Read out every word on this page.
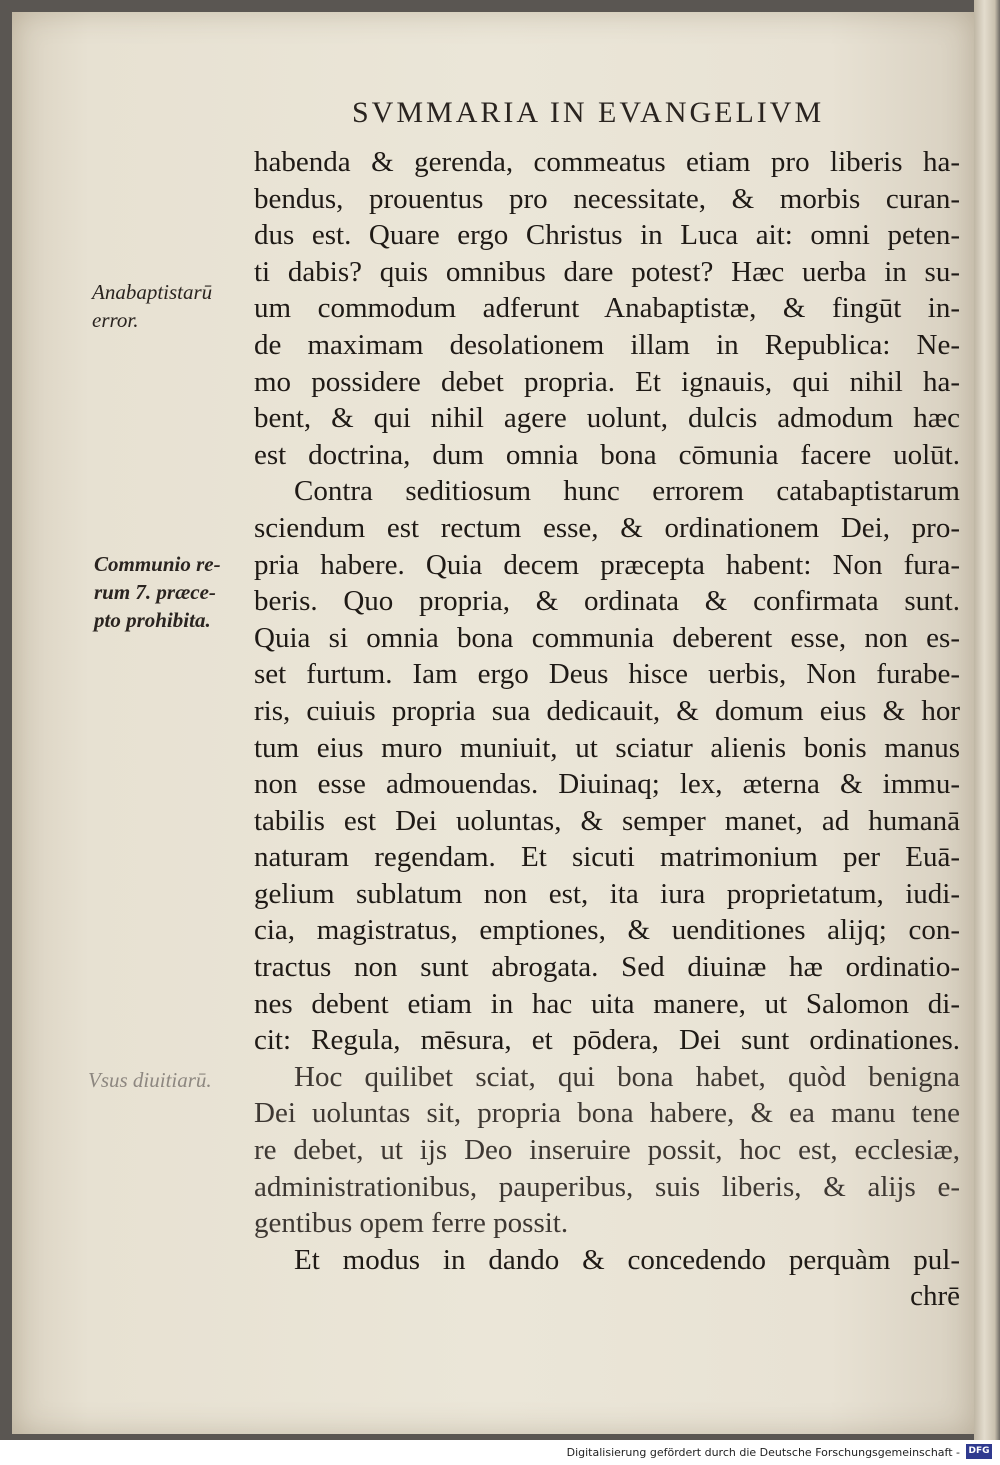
SVMMARIA IN EVANGELIVM
Anabaptistarū
error.
Communio re-
rum 7. præce-
pto prohibita.
Vsus diuitiarū.
habenda & gerenda, commeatus etiam pro liberis ha-
bendus, prouentus pro necessitate, & morbis curan-
dus est. Quare ergo Christus in Luca ait: omni peten-
ti dabis? quis omnibus dare potest? Hæc uerba in su-
um commodum adferunt Anabaptistæ, & fingūt in-
de maximam desolationem illam in Republica: Ne-
mo possidere debet propria. Et ignauis, qui nihil ha-
bent, & qui nihil agere uolunt, dulcis admodum hæc
est doctrina, dum omnia bona cōmunia facere uolūt.
Contra seditiosum hunc errorem catabaptistarum
sciendum est rectum esse, & ordinationem Dei, pro-
pria habere. Quia decem præcepta habent: Non fura-
beris. Quo propria, & ordinata & confirmata sunt.
Quia si omnia bona communia deberent esse, non es-
set furtum. Iam ergo Deus hisce uerbis, Non furabe-
ris, cuiuis propria sua dedicauit, & domum eius & hor
tum eius muro muniuit, ut sciatur alienis bonis manus
non esse admouendas. Diuinaq; lex, æterna & immu-
tabilis est Dei uoluntas, & semper manet, ad humanā
naturam regendam. Et sicuti matrimonium per Euā-
gelium sublatum non est, ita iura proprietatum, iudi-
cia, magistratus, emptiones, & uenditiones alijq; con-
tractus non sunt abrogata. Sed diuinæ hæ ordinatio-
nes debent etiam in hac uita manere, ut Salomon di-
cit: Regula, mēsura, et pōdera, Dei sunt ordinationes.
Hoc quilibet sciat, qui bona habet, quòd benigna
Dei uoluntas sit, propria bona habere, & ea manu tene
re debet, ut ijs Deo inseruire possit, hoc est, ecclesiæ,
administrationibus, pauperibus, suis liberis, & alijs e-
gentibus opem ferre possit.
Et modus in dando & concedendo perquàm pul-
chrē
Digitalisierung gefördert durch die Deutsche Forschungsgemeinschaft - DFG
